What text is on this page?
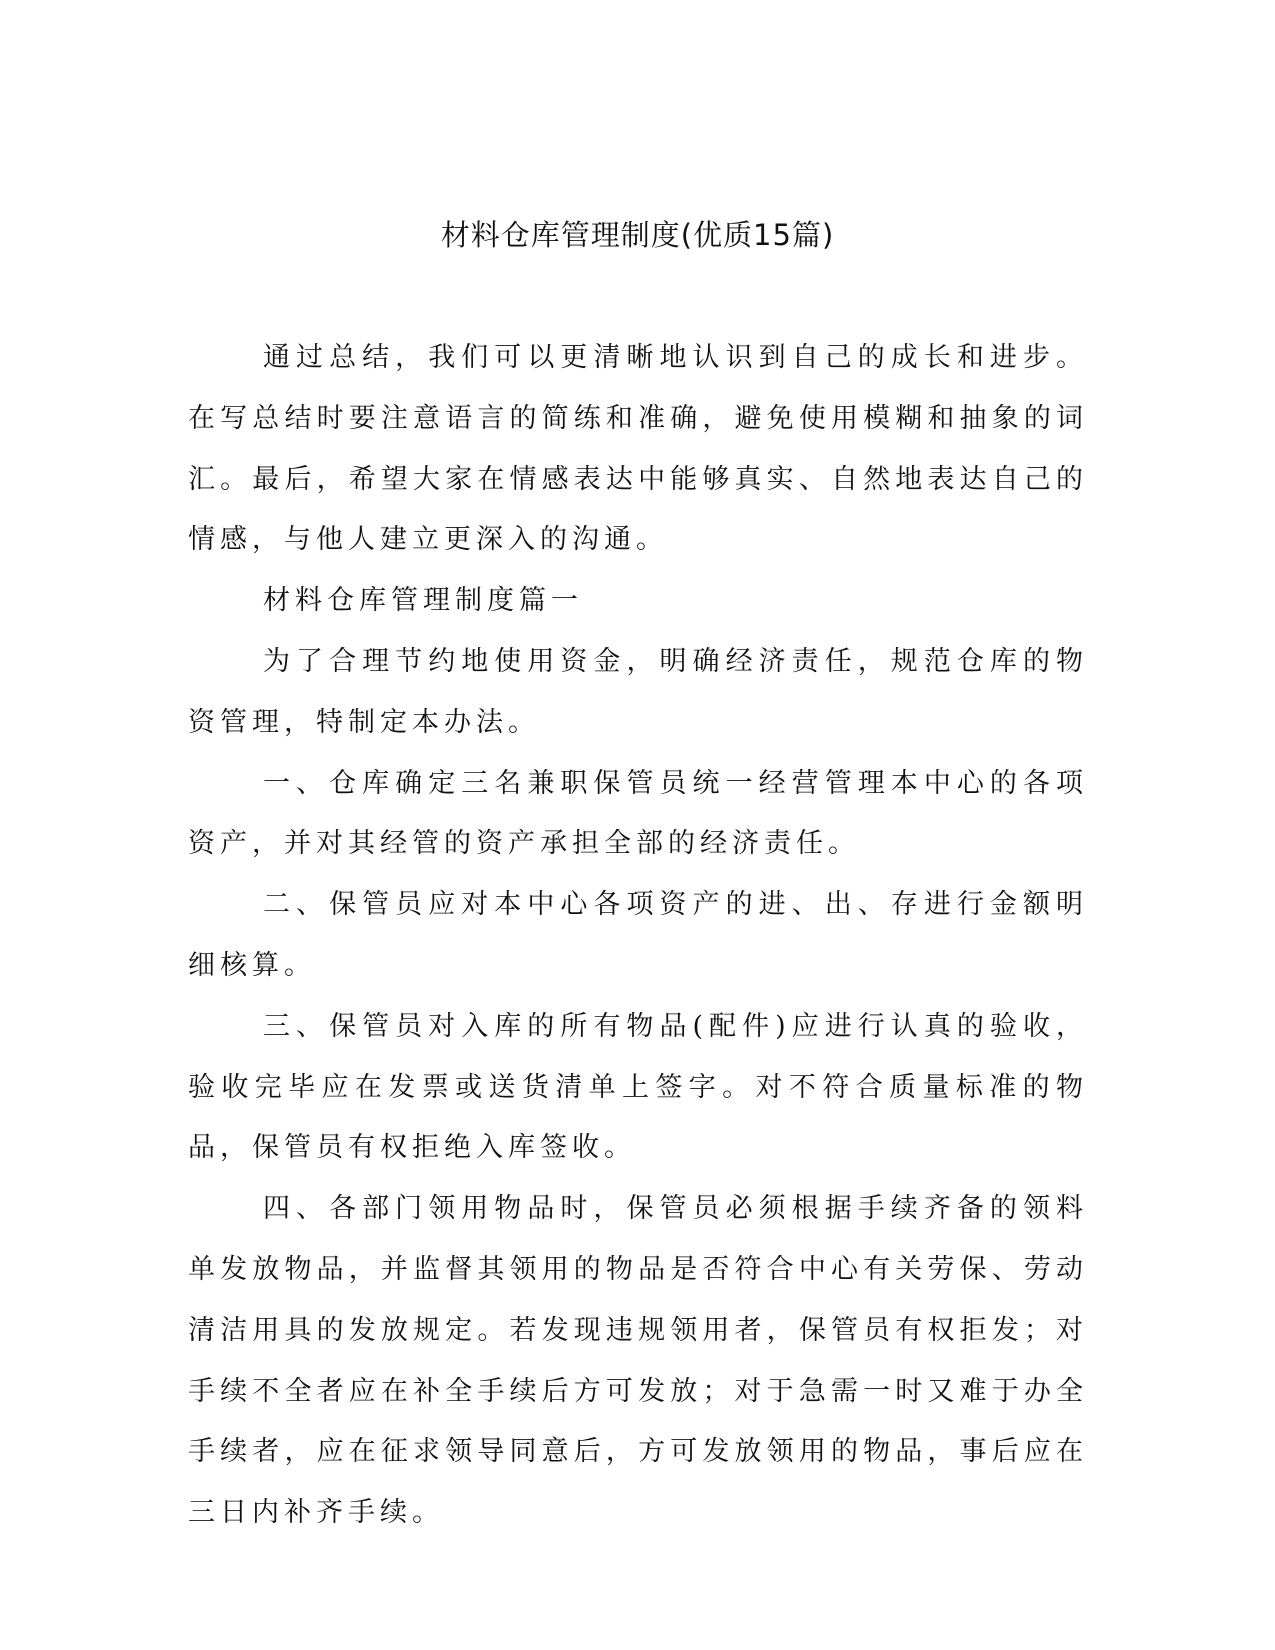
材料仓库管理制度(优质15篇)

通过总结，我们可以更清晰地认识到自己的成长和进步。在写总结时要注意语言的简练和准确，避免使用模糊和抽象的词汇。最后，希望大家在情感表达中能够真实、自然地表达自己的情感，与他人建立更深入的沟通。

材料仓库管理制度篇一

为了合理节约地使用资金，明确经济责任，规范仓库的物资管理，特制定本办法。

一、仓库确定三名兼职保管员统一经营管理本中心的各项资产，并对其经管的资产承担全部的经济责任。

二、保管员应对本中心各项资产的进、出、存进行金额明细核算。

三、保管员对入库的所有物品(配件)应进行认真的验收，验收完毕应在发票或送货清单上签字。对不符合质量标准的物品，保管员有权拒绝入库签收。

四、各部门领用物品时，保管员必须根据手续齐备的领料单发放物品，并监督其领用的物品是否符合中心有关劳保、劳动清洁用具的发放规定。若发现违规领用者，保管员有权拒发；对手续不全者应在补全手续后方可发放；对于急需一时又难于办全手续者，应在征求领导同意后，方可发放领用的物品，事后应在三日内补齐手续。
